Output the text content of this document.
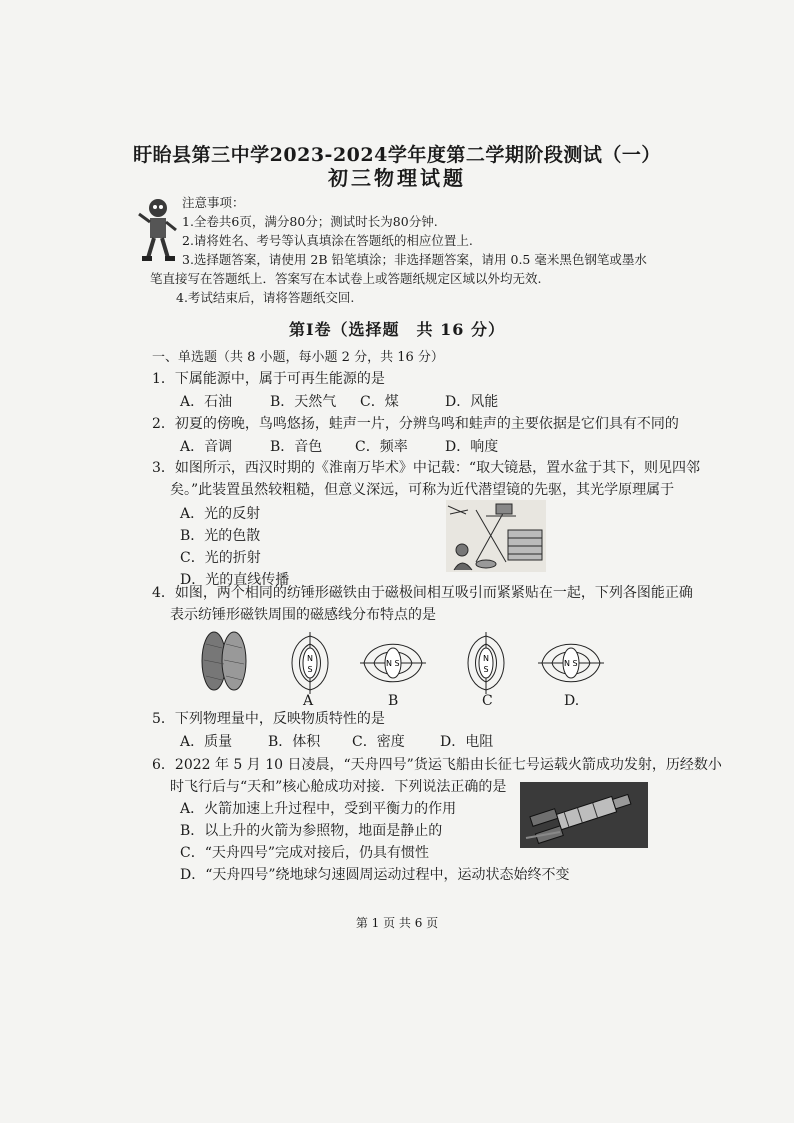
盱眙县第三中学2023-2024学年度第二学期阶段测试（一）
初三物理试题
注意事项：
1.全卷共6页，满分80分；测试时长为80分钟.
2.请将姓名、考号等认真填涂在答题纸的相应位置上.
3.选择题答案，请使用 2B 铅笔填涂；非选择题答案，请用 0.5 毫米黑色钢笔或墨水
笔直接写在答题纸上．答案写在本试卷上或答题纸规定区域以外均无效.
4.考试结束后，请将答题纸交回.
第Ⅰ卷（选择题　共 16 分）
一、单选题（共 8 小题，每小题 2 分，共 16 分）
1．下属能源中，属于可再生能源的是
A．石油	B．天然气 C．煤	D．风能
2．初夏的傍晚，鸟鸣悠扬，蛙声一片，分辨鸟鸣和蛙声的主要依据是它们具有不同的
A．音调	B．音色 C．频率	D．响度
3．如图所示，西汉时期的《淮南万毕术》中记载：“取大镜悬，置水盆于其下，则见四邻
矣。”此装置虽然较粗糙，但意义深远，可称为近代潜望镜的先驱，其光学原理属于
A．光的反射
B．光的色散
C．光的折射
D．光的直线传播
4．如图，两个相同的纺锤形磁铁由于磁极间相互吸引而紧紧贴在一起，下列各图能正确
表示纺锤形磁铁周围的磁感线分布特点的是
N
S
N S
N
S
N S
A	B	C	D.
5．下列物理量中，反映物质特性的是
A．质量	B．体积 C．密度	D．电阻
6．2022 年 5 月 10 日凌晨，“天舟四号”货运飞船由长征七号运载火箭成功发射，历经数小
时飞行后与“天和”核心舱成功对接．下列说法正确的是
A．火箭加速上升过程中，受到平衡力的作用
B．以上升的火箭为参照物，地面是静止的
C．“天舟四号”完成对接后，仍具有惯性
D．“天舟四号”绕地球匀速圆周运动过程中，运动状态始终不变
第 1 页 共 6 页
